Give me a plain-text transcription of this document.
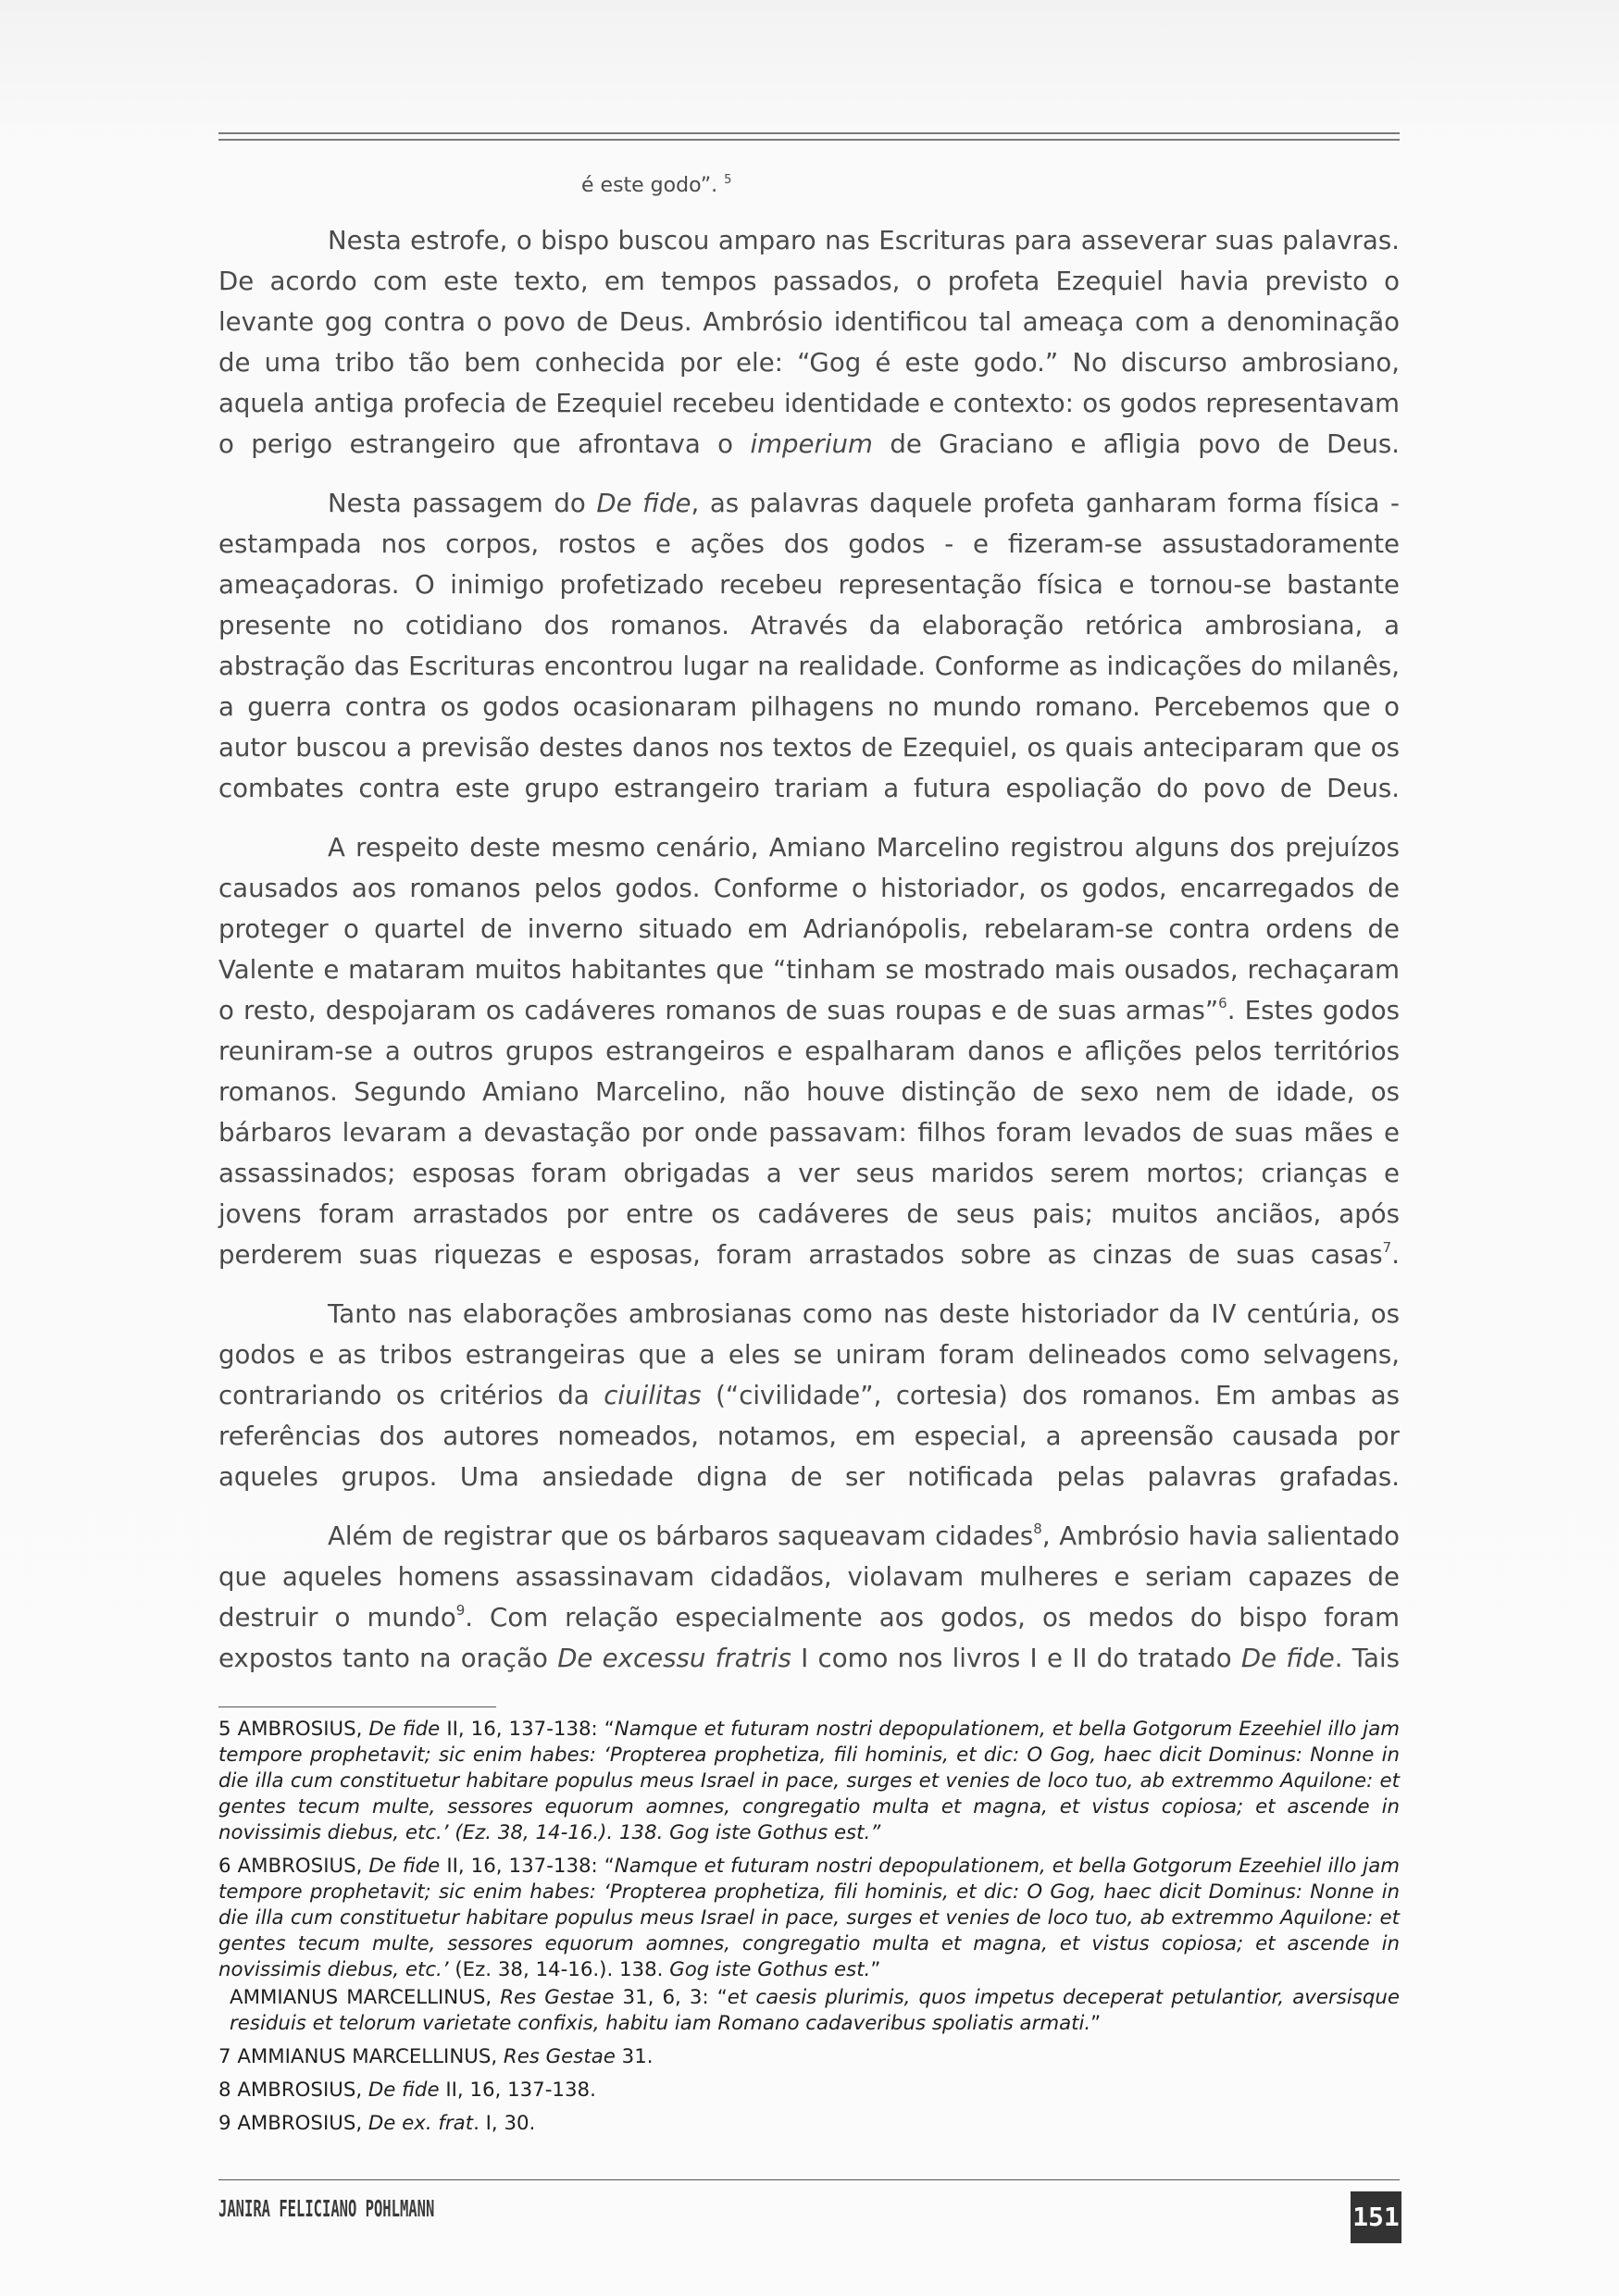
é este godo”. $^5$

Nesta estrofe, o bispo buscou amparo nas Escrituras para asseverar suas palavras. De acordo com este texto, em tempos passados, o profeta Ezequiel havia previsto o levante gog contra o povo de Deus. Ambrósio identificou tal ameaça com a denominação de uma tribo tão bem conhecida por ele: “Gog é este godo.” No discurso ambrosiano, aquela antiga profecia de Ezequiel recebeu identidade e contexto: os godos representavam o perigo estrangeiro que afrontava o imperium de Graciano e afligia povo de Deus.

Nesta passagem do De fide, as palavras daquele profeta ganharam forma física - estampada nos corpos, rostos e ações dos godos - e fizeram-se assustadoramente ameaçadoras. O inimigo profetizado recebeu representação física e tornou-se bastante presente no cotidiano dos romanos. Através da elaboração retórica ambrosiana, a abstração das Escrituras encontrou lugar na realidade. Conforme as indicações do milanês, a guerra contra os godos ocasionaram pilhagens no mundo romano. Percebemos que o autor buscou a previsão destes danos nos textos de Ezequiel, os quais anteciparam que os combates contra este grupo estrangeiro trariam a futura espoliação do povo de Deus.

A respeito deste mesmo cenário, Amiano Marcelino registrou alguns dos prejuízos causados aos romanos pelos godos. Conforme o historiador, os godos, encarregados de proteger o quartel de inverno situado em Adrianópolis, rebelaram-se contra ordens de Valente e mataram muitos habitantes que “tinham se mostrado mais ousados, rechaçaram o resto, despojaram os cadáveres romanos de suas roupas e de suas armas”$^6$. Estes godos reuniram-se a outros grupos estrangeiros e espalharam danos e aflições pelos territórios romanos. Segundo Amiano Marcelino, não houve distinção de sexo nem de idade, os bárbaros levaram a devastação por onde passavam: filhos foram levados de suas mães e assassinados; esposas foram obrigadas a ver seus maridos serem mortos; crianças e jovens foram arrastados por entre os cadáveres de seus pais; muitos anciãos, após perderem suas riquezas e esposas, foram arrastados sobre as cinzas de suas casas$^7$.

Tanto nas elaborações ambrosianas como nas deste historiador da IV centúria, os godos e as tribos estrangeiras que a eles se uniram foram delineados como selvagens, contrariando os critérios da ciuilitas (“civilidade”, cortesia) dos romanos. Em ambas as referências dos autores nomeados, notamos, em especial, a apreensão causada por aqueles grupos. Uma ansiedade digna de ser notificada pelas palavras grafadas.

Além de registrar que os bárbaros saqueavam cidades$^8$, Ambrósio havia salientado que aqueles homens assassinavam cidadãos, violavam mulheres e seriam capazes de destruir o mundo$^9$. Com relação especialmente aos godos, os medos do bispo foram expostos tanto na oração De excessu fratris I como nos livros I e II do tratado De fide. Tais

5 AMBROSIUS, De fide II, 16, 137-138: “Namque et futuram nostri depopulationem, et bella Gotgorum Ezeehiel illo jam tempore prophetavit; sic enim habes: ‘Propterea prophetiza, fili hominis, et dic: O Gog, haec dicit Dominus: Nonne in die illa cum constituetur habitare populus meus Israel in pace, surges et venies de loco tuo, ab extremmo Aquilone: et gentes tecum multe, sessores equorum aomnes, congregatio multa et magna, et vistus copiosa; et ascende in novissimis diebus, etc.’ (Ez. 38, 14-16.). 138. Gog iste Gothus est.”
6 AMBROSIUS, De fide II, 16, 137-138: “Namque et futuram nostri depopulationem, et bella Gotgorum Ezeehiel illo jam tempore prophetavit; sic enim habes: ‘Propterea prophetiza, fili hominis, et dic: O Gog, haec dicit Dominus: Nonne in die illa cum constituetur habitare populus meus Israel in pace, surges et venies de loco tuo, ab extremmo Aquilone: et gentes tecum multe, sessores equorum aomnes, congregatio multa et magna, et vistus copiosa; et ascende in novissimis diebus, etc.’ (Ez. 38, 14-16.). 138. Gog iste Gothus est.”
AMMIANUS MARCELLINUS, Res Gestae 31, 6, 3: “et caesis plurimis, quos impetus deceperat petulantior, aversisque residuis et telorum varietate confixis, habitu iam Romano cadaveribus spoliatis armati.”
7 AMMIANUS MARCELLINUS, Res Gestae 31.
8 AMBROSIUS, De fide II, 16, 137-138.
9 AMBROSIUS, De ex. frat. I, 30.
JANIRA FELICIANO POHLMANN	151
